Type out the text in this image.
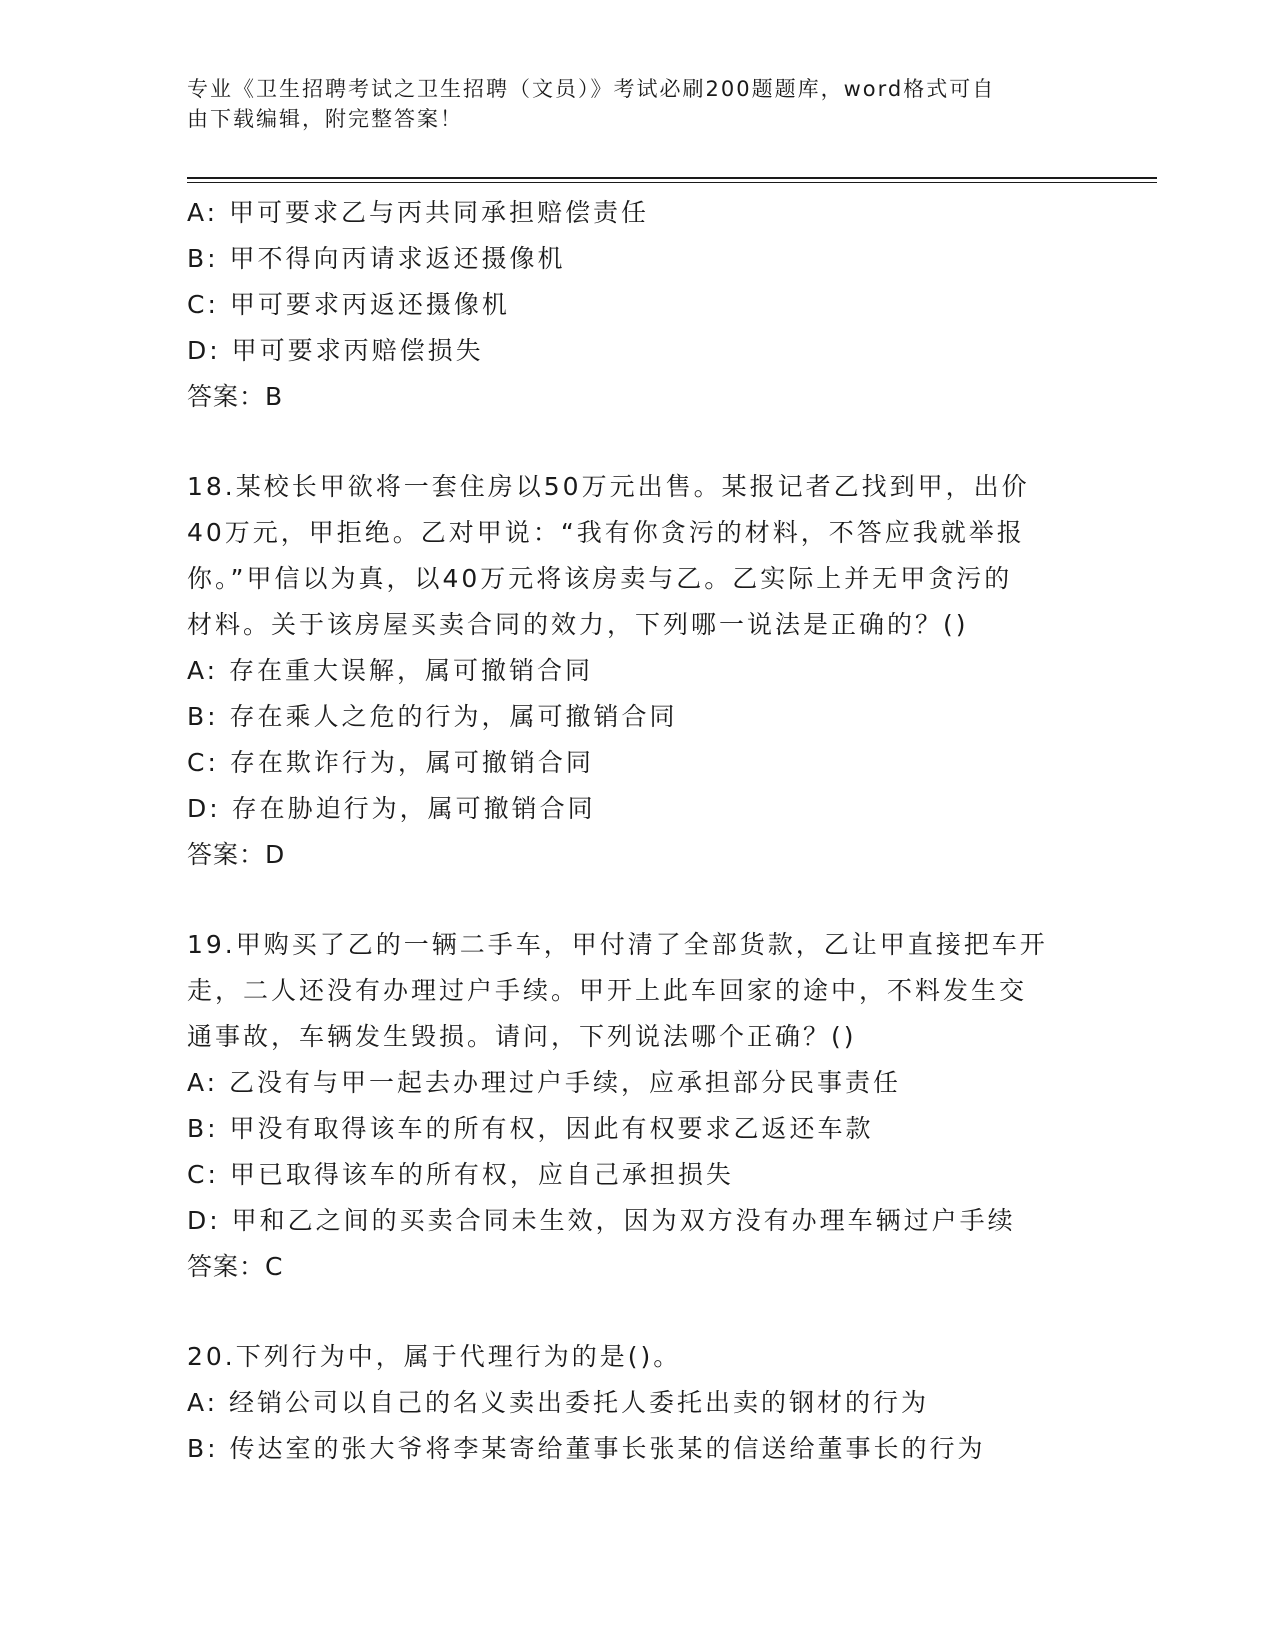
专业《卫生招聘考试之卫生招聘（文员）》考试必刷200题题库，word格式可自
由下载编辑，附完整答案！
A: 甲可要求乙与丙共同承担赔偿责任
B: 甲不得向丙请求返还摄像机
C: 甲可要求丙返还摄像机
D: 甲可要求丙赔偿损失
答案：B
18.某校长甲欲将一套住房以50万元出售。某报记者乙找到甲，出价
40万元，甲拒绝。乙对甲说：“我有你贪污的材料，不答应我就举报
你。”甲信以为真，以40万元将该房卖与乙。乙实际上并无甲贪污的
材料。关于该房屋买卖合同的效力，下列哪一说法是正确的？()
A: 存在重大误解，属可撤销合同
B: 存在乘人之危的行为，属可撤销合同
C: 存在欺诈行为，属可撤销合同
D: 存在胁迫行为，属可撤销合同
答案：D
19.甲购买了乙的一辆二手车，甲付清了全部货款，乙让甲直接把车开
走，二人还没有办理过户手续。甲开上此车回家的途中，不料发生交
通事故，车辆发生毁损。请问，下列说法哪个正确？()
A: 乙没有与甲一起去办理过户手续，应承担部分民事责任
B: 甲没有取得该车的所有权，因此有权要求乙返还车款
C: 甲已取得该车的所有权，应自己承担损失
D: 甲和乙之间的买卖合同未生效，因为双方没有办理车辆过户手续
答案：C
20.下列行为中，属于代理行为的是()。
A: 经销公司以自己的名义卖出委托人委托出卖的钢材的行为
B: 传达室的张大爷将李某寄给董事长张某的信送给董事长的行为
